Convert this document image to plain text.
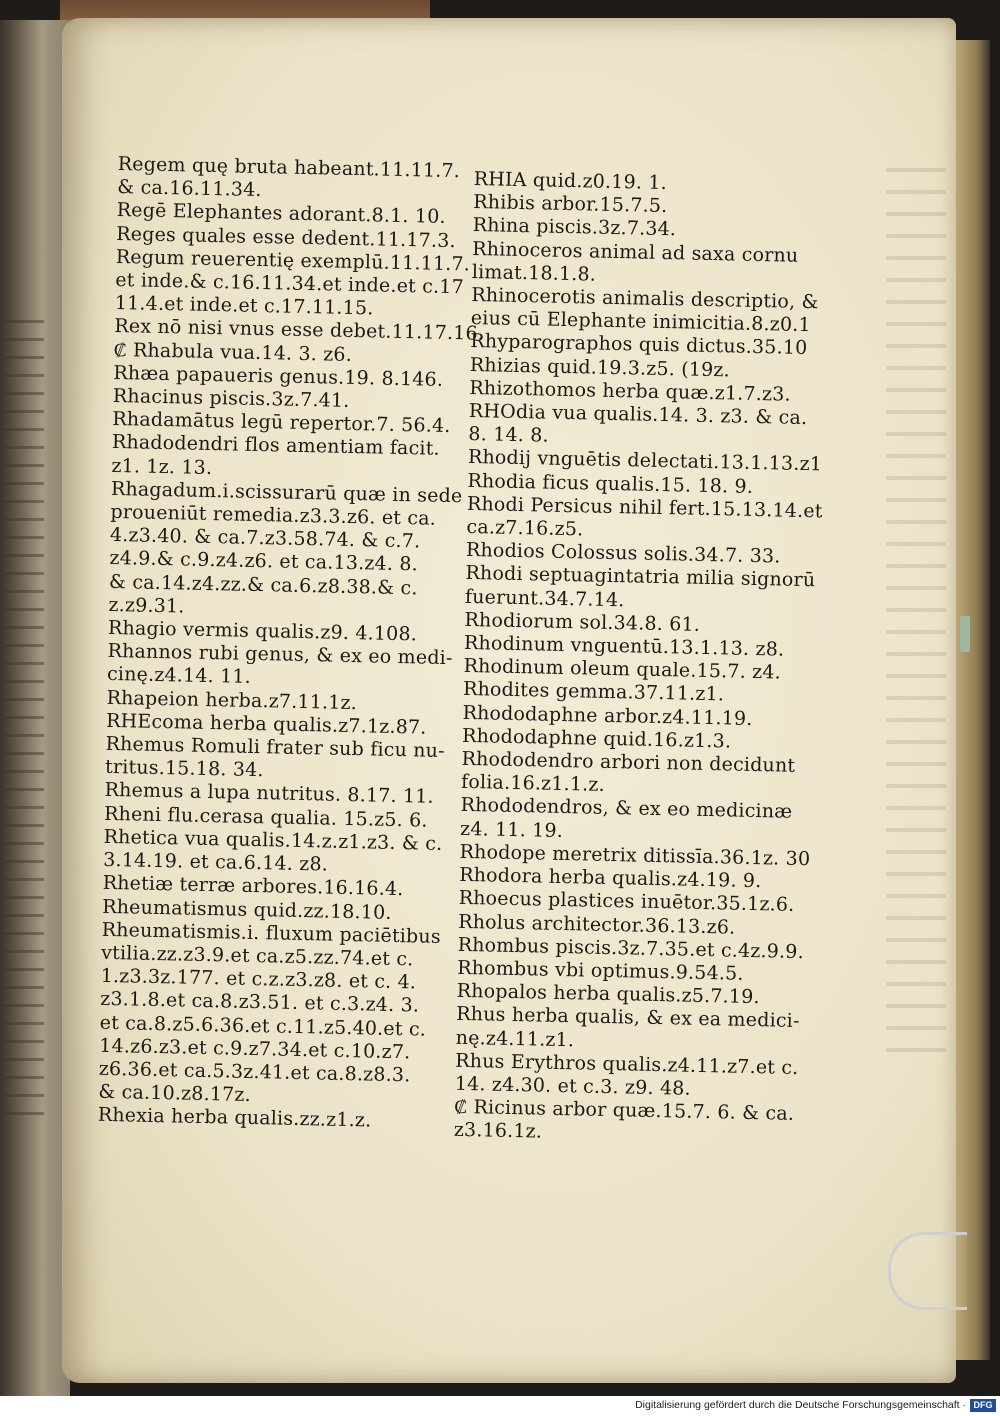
Regem quę bruta habeant.11.11.7.
& ca.16.11.34.
Regē Elephantes adorant.8.1. 10.
Reges quales esse dedent.11.17.3.
Regum reuerentię exemplū.11.11.7.
et inde.& c.16.11.34.et inde.et c.17
11.4.et inde.et c.17.11.15.
Rex nō nisi vnus esse debet.11.17.16.
₡ Rhabula vua.14. 3. z6.
Rhæa papaueris genus.19. 8.146.
Rhacinus piscis.3z.7.41.
Rhadamātus legū repertor.7. 56.4.
Rhadodendri flos amentiam facit.
z1. 1z. 13.
Rhagadum.i.scissurarū quæ in sede
proueniūt remedia.z3.3.z6. et ca.
4.z3.40. & ca.7.z3.58.74. & c.7.
z4.9.& c.9.z4.z6. et ca.13.z4. 8.
& ca.14.z4.zz.& ca.6.z8.38.& c.
z.z9.31.
Rhagio vermis qualis.z9. 4.108.
Rhannos rubi genus, & ex eo medi-
cinę.z4.14. 11.
Rhapeion herba.z7.11.1z.
RHEcoma herba qualis.z7.1z.87.
Rhemus Romuli frater sub ficu nu-
tritus.15.18. 34.
Rhemus a lupa nutritus. 8.17. 11.
Rheni flu.cerasa qualia. 15.z5. 6.
Rhetica vua qualis.14.z.z1.z3. & c.
3.14.19. et ca.6.14. z8.
Rhetiæ terræ arbores.16.16.4.
Rheumatismus quid.zz.18.10.
Rheumatismis.i. fluxum paciētibus
vtilia.zz.z3.9.et ca.z5.zz.74.et c.
1.z3.3z.177. et c.z.z3.z8. et c. 4.
z3.1.8.et ca.8.z3.51. et c.3.z4. 3.
et ca.8.z5.6.36.et c.11.z5.40.et c.
14.z6.z3.et c.9.z7.34.et c.10.z7.
z6.36.et ca.5.3z.41.et ca.8.z8.3.
& ca.10.z8.17z.
Rhexia herba qualis.zz.z1.z.
RHIA quid.z0.19. 1.
Rhibis arbor.15.7.5.
Rhina piscis.3z.7.34.
Rhinoceros animal ad saxa cornu
limat.18.1.8.
Rhinocerotis animalis descriptio, &
eius cū Elephante inimicitia.8.z0.1
Rhyparographos quis dictus.35.10
Rhizias quid.19.3.z5. (19z.
Rhizothomos herba quæ.z1.7.z3.
RHOdia vua qualis.14. 3. z3. & ca.
8. 14. 8.
Rhodij vnguētis delectati.13.1.13.z1
Rhodia ficus qualis.15. 18. 9.
Rhodi Persicus nihil fert.15.13.14.et
ca.z7.16.z5.
Rhodios Colossus solis.34.7. 33.
Rhodi septuagintatria milia signorū
fuerunt.34.7.14.
Rhodiorum sol.34.8. 61.
Rhodinum vnguentū.13.1.13. z8.
Rhodinum oleum quale.15.7. z4.
Rhodites gemma.37.11.z1.
Rhododaphne arbor.z4.11.19.
Rhododaphne quid.16.z1.3.
Rhododendro arbori non decidunt
folia.16.z1.1.z.
Rhododendros, & ex eo medicinæ
z4. 11. 19.
Rhodope meretrix ditissīa.36.1z. 30
Rhodora herba qualis.z4.19. 9.
Rhoecus plastices inuētor.35.1z.6.
Rholus architector.36.13.z6.
Rhombus piscis.3z.7.35.et c.4z.9.9.
Rhombus vbi optimus.9.54.5.
Rhopalos herba qualis.z5.7.19.
Rhus herba qualis, & ex ea medici-
nę.z4.11.z1.
Rhus Erythros qualis.z4.11.z7.et c.
14. z4.30. et c.3. z9. 48.
₡ Ricinus arbor quæ.15.7. 6. & ca.
z3.16.1z.
Digitalisierung gefördert durch die Deutsche Forschungsgemeinschaft · DFG
